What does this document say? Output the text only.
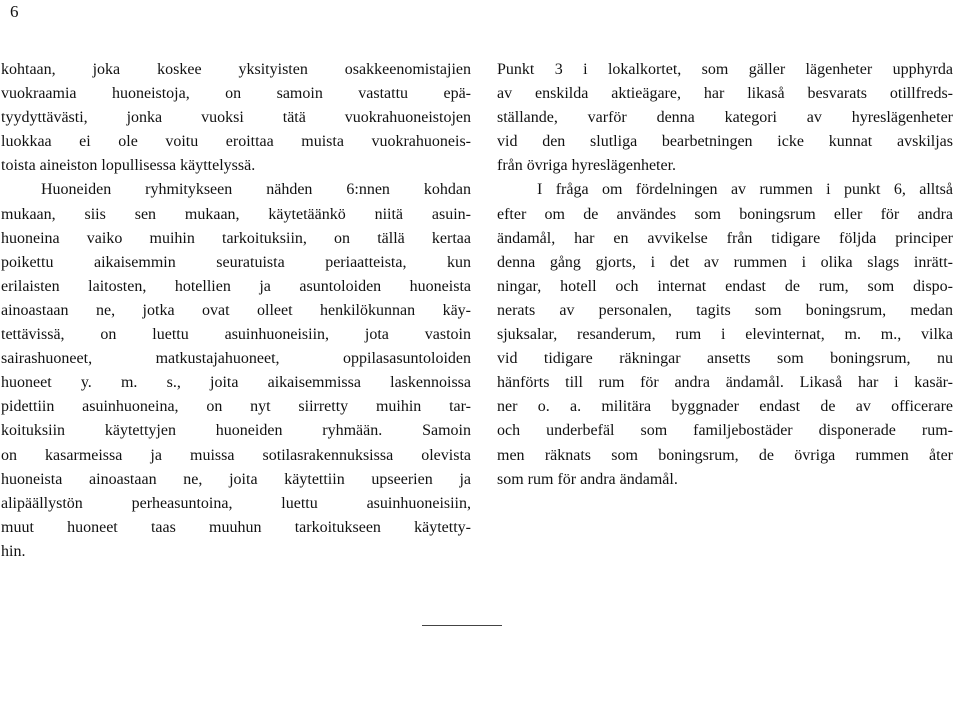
6
kohtaan, joka koskee yksityisten osakkeenomistajien
vuokraamia huoneistoja, on samoin vastattu epä-
tyydyttävästi, jonka vuoksi tätä vuokrahuoneistojen
luokkaa ei ole voitu eroittaa muista vuokrahuoneis-
toista aineiston lopullisessa käyttelyssä.
Huoneiden ryhmitykseen nähden 6:nnen kohdan
mukaan, siis sen mukaan, käytetäänkö niitä asuin-
huoneina vaiko muihin tarkoituksiin, on tällä kertaa
poikettu aikaisemmin seuratuista periaatteista, kun
erilaisten laitosten, hotellien ja asuntoloiden huoneista
ainoastaan ne, jotka ovat olleet henkilökunnan käy-
tettävissä, on luettu asuinhuoneisiin, jota vastoin
sairashuoneet, matkustajahuoneet, oppilasasuntoloiden
huoneet y. m. s., joita aikaisemmissa laskennoissa
pidettiin asuinhuoneina, on nyt siirretty muihin tar-
koituksiin käytettyjen huoneiden ryhmään. Samoin
on kasarmeissa ja muissa sotilasrakennuksissa olevista
huoneista ainoastaan ne, joita käytettiin upseerien ja
alipäällystön perheasuntoina, luettu asuinhuoneisiin,
muut huoneet taas muuhun tarkoitukseen käytetty-
hin.
Punkt 3 i lokalkortet, som gäller lägenheter upphyrda
av enskilda aktieägare, har likaså besvarats otillfreds-
ställande, varför denna kategori av hyreslägenheter
vid den slutliga bearbetningen icke kunnat avskiljas
från övriga hyreslägenheter.
I fråga om fördelningen av rummen i punkt 6, alltså
efter om de användes som boningsrum eller för andra
ändamål, har en avvikelse från tidigare följda principer
denna gång gjorts, i det av rummen i olika slags inrätt-
ningar, hotell och internat endast de rum, som dispo-
nerats av personalen, tagits som boningsrum, medan
sjuksalar, resanderum, rum i elevinternat, m. m., vilka
vid tidigare räkningar ansetts som boningsrum, nu
hänförts till rum för andra ändamål. Likaså har i kasär-
ner o. a. militära byggnader endast de av officerare
och underbefäl som familjebostäder disponerade rum-
men räknats som boningsrum, de övriga rummen åter
som rum för andra ändamål.
